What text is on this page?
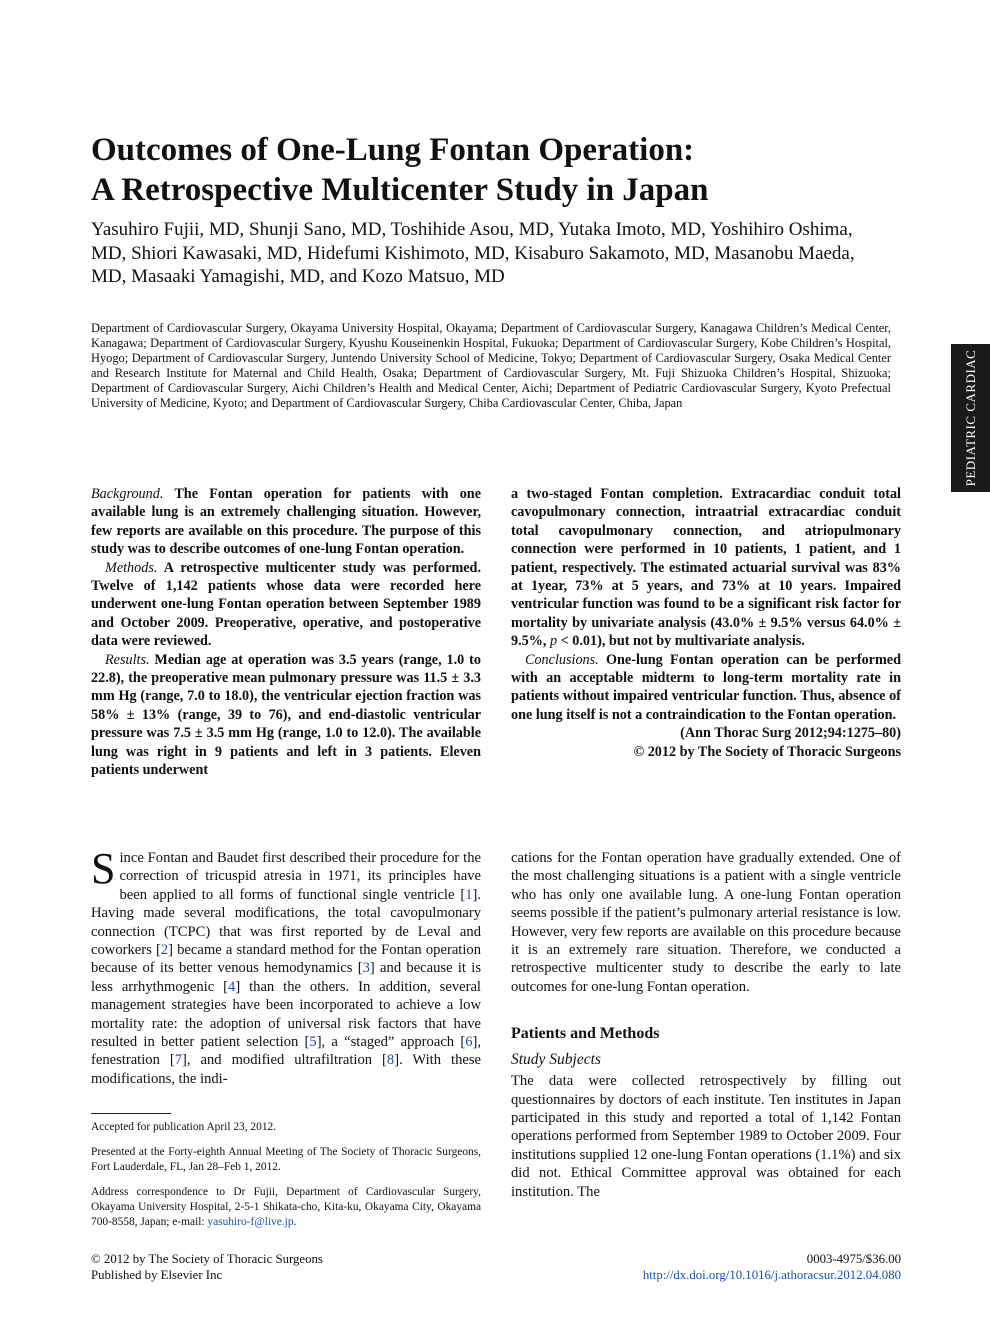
Outcomes of One-Lung Fontan Operation:
A Retrospective Multicenter Study in Japan
Yasuhiro Fujii, MD, Shunji Sano, MD, Toshihide Asou, MD, Yutaka Imoto, MD, Yoshihiro Oshima, MD, Shiori Kawasaki, MD, Hidefumi Kishimoto, MD, Kisaburo Sakamoto, MD, Masanobu Maeda, MD, Masaaki Yamagishi, MD, and Kozo Matsuo, MD
Department of Cardiovascular Surgery, Okayama University Hospital, Okayama; Department of Cardiovascular Surgery, Kanagawa Children’s Medical Center, Kanagawa; Department of Cardiovascular Surgery, Kyushu Kouseinenkin Hospital, Fukuoka; Department of Cardiovascular Surgery, Kobe Children’s Hospital, Hyogo; Department of Cardiovascular Surgery, Juntendo University School of Medicine, Tokyo; Department of Cardiovascular Surgery, Osaka Medical Center and Research Institute for Maternal and Child Health, Osaka; Department of Cardiovascular Surgery, Mt. Fuji Shizuoka Children’s Hospital, Shizuoka; Department of Cardiovascular Surgery, Aichi Children’s Health and Medical Center, Aichi; Department of Pediatric Cardiovascular Surgery, Kyoto Prefectual University of Medicine, Kyoto; and Department of Cardiovascular Surgery, Chiba Cardiovascular Center, Chiba, Japan	PEDIATRIC CARDIAC

Background. The Fontan operation for patients with one available lung is an extremely challenging situation. However, few reports are available on this procedure. The purpose of this study was to describe outcomes of one-lung Fontan operation.

Methods. A retrospective multicenter study was performed. Twelve of 1,142 patients whose data were recorded here underwent one-lung Fontan operation between September 1989 and October 2009. Preoperative, operative, and postoperative data were reviewed.

Results. Median age at operation was 3.5 years (range, 1.0 to 22.8), the preoperative mean pulmonary pressure was 11.5 ± 3.3 mm Hg (range, 7.0 to 18.0), the ventricular ejection fraction was 58% ± 13% (range, 39 to 76), and end-diastolic ventricular pressure was 7.5 ± 3.5 mm Hg (range, 1.0 to 12.0). The available lung was right in 9 patients and left in 3 patients. Eleven patients underwent

a two-staged Fontan completion. Extracardiac conduit total cavopulmonary connection, intraatrial extracardiac conduit total cavopulmonary connection, and atriopulmonary connection were performed in 10 patients, 1 patient, and 1 patient, respectively. The estimated actuarial survival was 83% at 1year, 73% at 5 years, and 73% at 10 years. Impaired ventricular function was found to be a significant risk factor for mortality by univariate analysis (43.0% ± 9.5% versus 64.0% ± 9.5%, p < 0.01), but not by multivariate analysis.

Conclusions. One-lung Fontan operation can be performed with an acceptable midterm to long-term mortality rate in patients without impaired ventricular function. Thus, absence of one lung itself is not a contraindication to the Fontan operation.

(Ann Thorac Surg 2012;94:1275–80)

© 2012 by The Society of Thoracic Surgeons

Since Fontan and Baudet first described their procedure for the correction of tricuspid atresia in 1971, its principles have been applied to all forms of functional single ventricle [1]. Having made several modifications, the total cavopulmonary connection (TCPC) that was first reported by de Leval and coworkers [2] became a standard method for the Fontan operation because of its better venous hemodynamics [3] and because it is less arrhythmogenic [4] than the others. In addition, several management strategies have been incorporated to achieve a low mortality rate: the adoption of universal risk factors that have resulted in better patient selection [5], a “staged” approach [6], fenestration [7], and modified ultrafiltration [8]. With these modifications, the indi-

cations for the Fontan operation have gradually extended. One of the most challenging situations is a patient with a single ventricle who has only one available lung. A one-lung Fontan operation seems possible if the patient’s pulmonary arterial resistance is low. However, very few reports are available on this procedure because it is an extremely rare situation. Therefore, we conducted a retrospective multicenter study to describe the early to late outcomes for one-lung Fontan operation.

Patients and Methods
Study Subjects

The data were collected retrospectively by filling out questionnaires by doctors of each institute. Ten institutes in Japan participated in this study and reported a total of 1,142 Fontan operations performed from September 1989 to October 2009. Four institutions supplied 12 one-lung Fontan operations (1.1%) and six did not. Ethical Committee approval was obtained for each institution. The

Accepted for publication April 23, 2012.

Presented at the Forty-eighth Annual Meeting of The Society of Thoracic Surgeons, Fort Lauderdale, FL, Jan 28–Feb 1, 2012.

Address correspondence to Dr Fujii, Department of Cardiovascular Surgery, Okayama University Hospital, 2-5-1 Shikata-cho, Kita-ku, Okayama City, Okayama 700-8558, Japan; e-mail: yasuhiro-f@live.jp.

© 2012 by The Society of Thoracic Surgeons
Published by Elsevier Inc
0003-4975/$36.00
http://dx.doi.org/10.1016/j.athoracsur.2012.04.080
